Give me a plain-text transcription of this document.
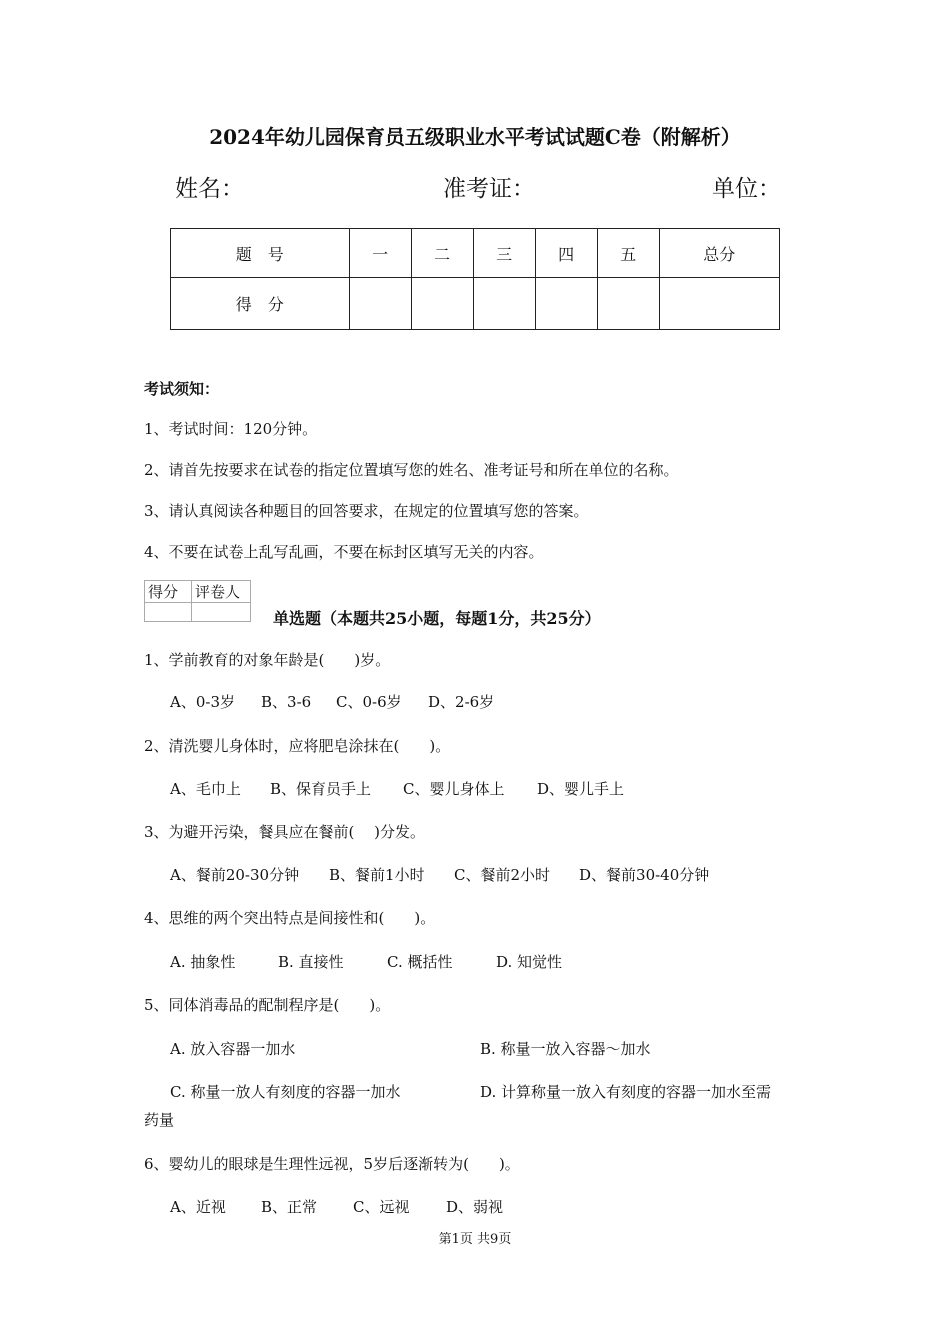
2024年幼儿园保育员五级职业水平考试试题C卷（附解析）
姓名：	准考证：	单位：
题　号	一	二	三	四	五	总分
得　分						
考试须知：
1、考试时间：120分钟。
2、请首先按要求在试卷的指定位置填写您的姓名、准考证号和所在单位的名称。
3、请认真阅读各种题目的回答要求，在规定的位置填写您的答案。
4、不要在试卷上乱写乱画，不要在标封区填写无关的内容。
得分	评卷人

单选题（本题共25小题，每题1分，共25分）
1、学前教育的对象年龄是(　　)岁。
A、0-3岁 B、3-6 C、0-6岁 D、2-6岁
2、清洗婴儿身体时，应将肥皂涂抹在(　　)。
A、毛巾上 B、保育员手上 C、婴儿身体上 D、婴儿手上
3、为避开污染，餐具应在餐前(　 )分发。
A、餐前20-30分钟 B、餐前1小时 C、餐前2小时 D、餐前30-40分钟
4、思维的两个突出特点是间接性和(　　)。
A. 抽象性	B. 直接性	C. 概括性	D. 知觉性
5、同体消毒品的配制程序是(　　)。
A. 放入容器一加水	B. 称量一放入容器～加水
C. 称量一放人有刻度的容器一加水	D. 计算称量一放入有刻度的容器一加水至需
药量
6、婴幼儿的眼球是生理性远视，5岁后逐渐转为(　　)。
A、近视 B、正常 C、远视 D、弱视
第1页 共9页
